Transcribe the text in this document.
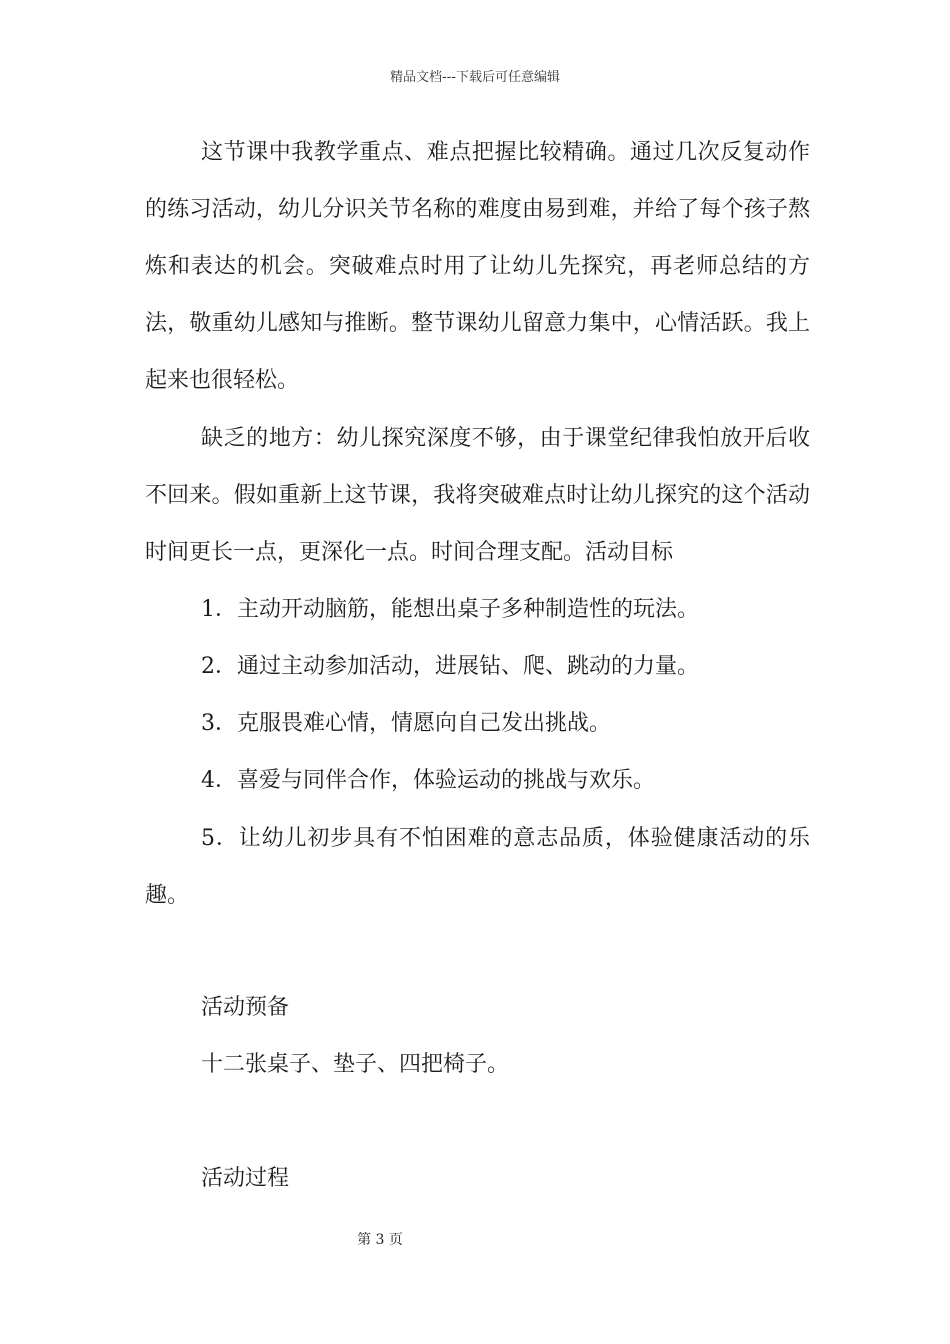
精品文档---下载后可任意编辑

这节课中我教学重点、难点把握比较精确。通过几次反复动作的练习活动，幼儿分识关节名称的难度由易到难，并给了每个孩子熬炼和表达的机会。突破难点时用了让幼儿先探究，再老师总结的方法，敬重幼儿感知与推断。整节课幼儿留意力集中，心情活跃。我上起来也很轻松。

缺乏的地方：幼儿探究深度不够，由于课堂纪律我怕放开后收不回来。假如重新上这节课，我将突破难点时让幼儿探究的这个活动时间更长一点，更深化一点。时间合理支配。活动目标

1．主动开动脑筋，能想出桌子多种制造性的玩法。

2．通过主动参加活动，进展钻、爬、跳动的力量。

3．克服畏难心情，情愿向自己发出挑战。

4．喜爱与同伴合作，体验运动的挑战与欢乐。

5．让幼儿初步具有不怕困难的意志品质，体验健康活动的乐趣。

活动预备
十二张桌子、垫子、四把椅子。
活动过程
第 3 页
